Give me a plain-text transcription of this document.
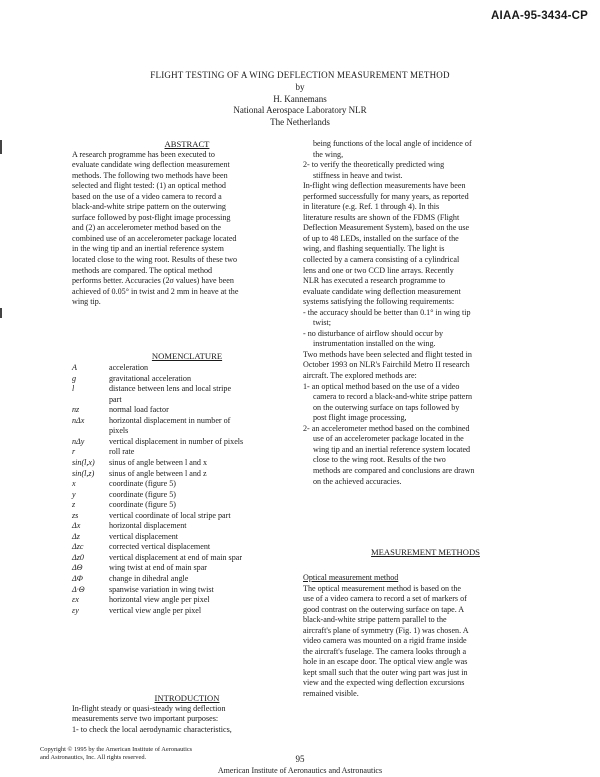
AIAA-95-3434-CP
FLIGHT TESTING OF A WING DEFLECTION MEASUREMENT METHOD
by
H. Kannemans
National Aerospace Laboratory NLR
The Netherlands

ABSTRACT

A research programme has been executed to

evaluate candidate wing deflection measurement

methods. The following two methods have been

selected and flight tested: (1) an optical method

based on the use of a video camera to record a

black-and-white stripe pattern on the outerwing

surface followed by post-flight image processing

and (2) an accelerometer method based on the

combined use of an accelerometer package located

in the wing tip and an inertial reference system

located close to the wing root. Results of these two

methods are compared. The optical method

performs better. Accuracies (2σ values) have been

achieved of 0.05° in twist and 2 mm in heave at the

wing tip.

NOMENCLATURE

A	acceleration
g	gravitational acceleration
l	distance between lens and local stripe
part
nz	normal load factor
nΔx	horizontal displacement in number of
pixels
nΔy	vertical displacement in number of pixels
r	roll rate
sin(l,x) sinus of angle between l and x
sin(l,z) sinus of angle between l and z
x	coordinate (figure 5)
y	coordinate (figure 5)
z	coordinate (figure 5)
zs	vertical coordinate of local stripe part
Δx	horizontal displacement
Δz	vertical displacement
Δzc	corrected vertical displacement
Δz0	vertical displacement at end of main spar
ΔΘ	wing twist at end of main spar
ΔΦ	change in dihedral angle
Δ·Θ	spanwise variation in wing twist
εx	horizontal view angle per pixel
εy	vertical view angle per pixel

INTRODUCTION

In-flight steady or quasi-steady wing deflection

measurements serve two important purposes:

1- to check the local aerodynamic characteristics,

being functions of the local angle of incidence of

the wing,

2- to verify the theoretically predicted wing

stiffness in heave and twist.

In-flight wing deflection measurements have been

performed successfully for many years, as reported

in literature (e.g. Ref. 1 through 4). In this

literature results are shown of the FDMS (Flight

Deflection Measurement System), based on the use

of up to 48 LEDs, installed on the surface of the

wing, and flashing sequentially. The light is

collected by a camera consisting of a cylindrical

lens and one or two CCD line arrays. Recently

NLR has executed a research programme to

evaluate candidate wing deflection measurement

systems satisfying the following requirements:

- the accuracy should be better than 0.1° in wing tip

twist;

- no disturbance of airflow should occur by

instrumentation installed on the wing.

Two methods have been selected and flight tested in

October 1993 on NLR's Fairchild Metro II research

aircraft. The explored methods are:

1- an optical method based on the use of a video

camera to record a black-and-white stripe pattern

on the outerwing surface on taps followed by

post flight image processing,

2- an accelerometer method based on the combined

use of an accelerometer package located in the

wing tip and an inertial reference system located

close to the wing root. Results of the two

methods are compared and conclusions are drawn

on the achieved accuracies.

MEASUREMENT METHODS

Optical measurement method

The optical measurement method is based on the

use of a video camera to record a set of markers of

good contrast on the outerwing surface on tape. A

black-and-white stripe pattern parallel to the

aircraft's plane of symmetry (Fig. 1) was chosen. A

video camera was mounted on a rigid frame inside

the aircraft's fuselage. The camera looks through a

hole in an escape door. The optical view angle was

kept small such that the outer wing part was just in

view and the expected wing deflection excursions

remained visible.

Copyright © 1995 by the American Institute of Aeronautics
and Astronautics, Inc. All rights reserved.	95
American Institute of Aeronautics and Astronautics
